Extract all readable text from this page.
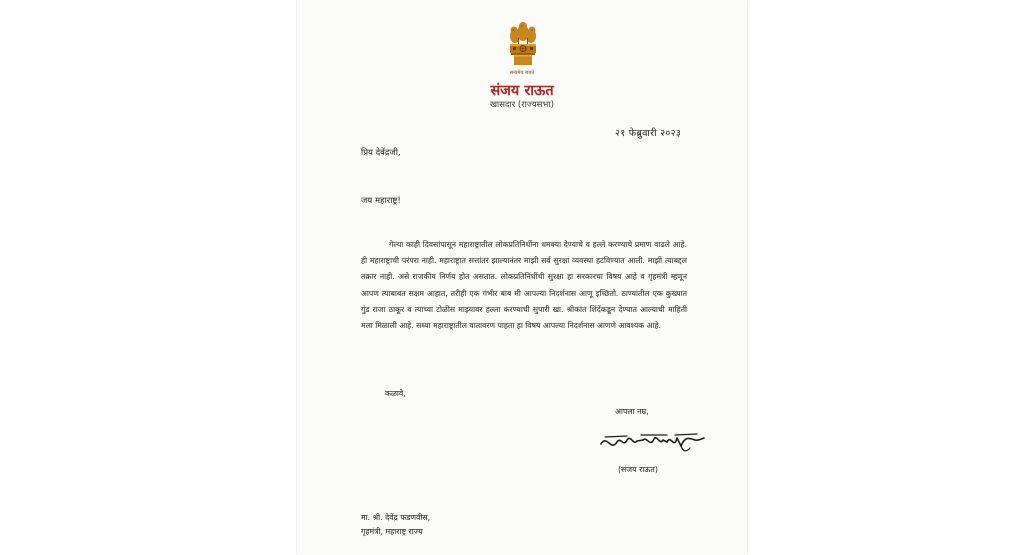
सत्यमेव जयते
संजय राऊत
खासदार (राज्यसभा)
२१ फेब्रुवारी २०२३
प्रिय देवेंद्रजी,
जय महाराष्ट्र!

गेल्या काही दिवसांपासून महाराष्ट्रातील लोकप्रतिनिधींना धमक्या देण्याचे व हल्ले करण्याचे प्रमाण वाढले आहे. ही महाराष्ट्राची परंपरा नाही. महाराष्ट्रात सत्तांतर झाल्यानंतर माझी सर्व सुरक्षा व्यवस्था हटविण्यात आली. माझी त्याबद्दल तक्रार नाही. असे राजकीय निर्णय होत असतात. लोकप्रतिनिधींची सुरक्षा हा सरकारचा विषय आहे व गृहमंत्री म्हणून आपण त्याबाबत सक्षम आहात, तरीही एक गंभीर बाब मी आपल्या निदर्शनास आणू इच्छितो. ठाण्यातील एक कुख्यात गुंड राजा ठाकूर व त्याच्या टोळीस माझ्यावर हल्ला करण्याची सुपारी खा. श्रीकांत शिंदेंकडून देण्यात आल्याची माहिती मला मिळाली आहे. सध्या महाराष्ट्रातील वातावरण पाहता हा विषय आपल्या निदर्शनास आणणे आवश्यक आहे.

कळावे,
आपला नम्र,
(संजय राऊत)
मा. श्री. देवेंद्र फडणवीस,
गृहमंत्री, महाराष्ट्र राज्य
